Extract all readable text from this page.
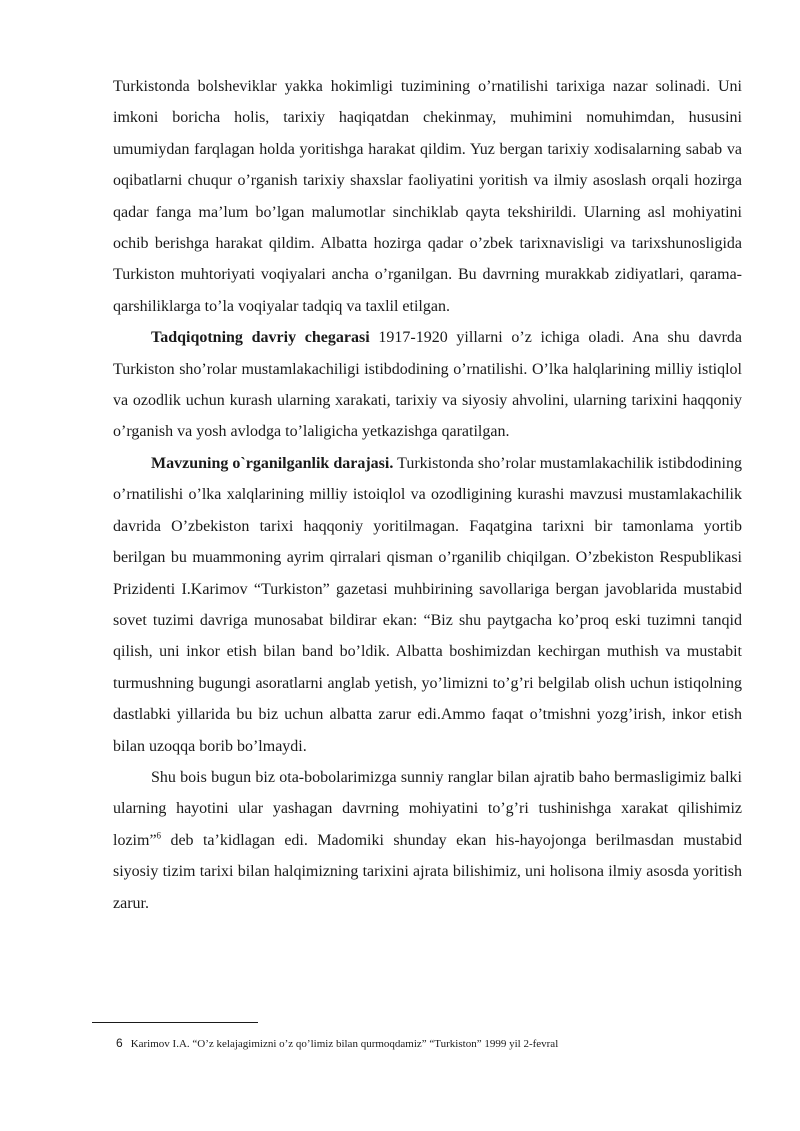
Turkistonda bolsheviklar yakka hokimligi tuzimining o’rnatilishi tarixiga nazar solinadi. Uni imkoni boricha holis, tarixiy haqiqatdan chekinmay, muhimini nomuhimdan, hususini umumiydan farqlagan holda yoritishga harakat qildim. Yuz bergan tarixiy xodisalarning sabab va oqibatlarni chuqur o’rganish tarixiy shaxslar faoliyatini yoritish va ilmiy asoslash orqali hozirga qadar fanga ma’lum bo’lgan malumotlar sinchiklab qayta tekshirildi. Ularning asl mohiyatini ochib berishga harakat qildim. Albatta hozirga qadar o’zbek tarixnavisligi va tarixshunosligida Turkiston muhtoriyati voqiyalari ancha o’rganilgan. Bu davrning murakkab zidiyatlari, qarama- qarshiliklarga to’la voqiyalar tadqiq va taxlil etilgan.

Tadqiqotning davriy chegarasi 1917-1920 yillarni o’z ichiga oladi. Ana shu davrda Turkiston sho’rolar mustamlakachiligi istibdodining o’rnatilishi. O’lka halqlarining milliy istiqlol va ozodlik uchun kurash ularning xarakati, tarixiy va siyosiy ahvolini, ularning tarixini haqqoniy o’rganish va yosh avlodga to’laligicha yetkazishga qaratilgan.

Mavzuning o`rganilganlik darajasi. Turkistonda sho’rolar mustamlakachilik istibdodining o’rnatilishi o’lka xalqlarining milliy istoiqlol va ozodligining kurashi mavzusi mustamlakachilik davrida O’zbekiston tarixi haqqoniy yoritilmagan. Faqatgina tarixni bir tamonlama yortib berilgan bu muammoning ayrim qirralari qisman o’rganilib chiqilgan. O’zbekiston Respublikasi Prizidenti I.Karimov “Turkiston” gazetasi muhbirining savollariga bergan javoblarida mustabid sovet tuzimi davriga munosabat bildirar ekan: “Biz shu paytgacha ko’proq eski tuzimni tanqid qilish, uni inkor etish bilan band bo’ldik. Albatta boshimizdan kechirgan muthish va mustabit turmushning bugungi asoratlarni anglab yetish, yo’limizni to’g’ri belgilab olish uchun istiqolning dastlabki yillarida bu biz uchun albatta zarur edi.Ammo faqat o’tmishni yozg’irish, inkor etish bilan uzoqqa borib bo’lmaydi.

Shu bois bugun biz ota-bobolarimizga sunniy ranglar bilan ajratib baho bermasligimiz balki ularning hayotini ular yashagan davrning mohiyatini to’g’ri tushinishga xarakat qilishimiz lozim”$^6$ deb ta’kidlagan edi. Madomiki shunday ekan his-hayojonga berilmasdan mustabid siyosiy tizim tarixi bilan halqimizning tarixini ajrata bilishimiz, uni holisona ilmiy asosda yoritish zarur.

6 Karimov I.A. “O’z kelajagimizni o’z qo’limiz bilan qurmoqdamiz” “Turkiston” 1999 yil 2-fevral
